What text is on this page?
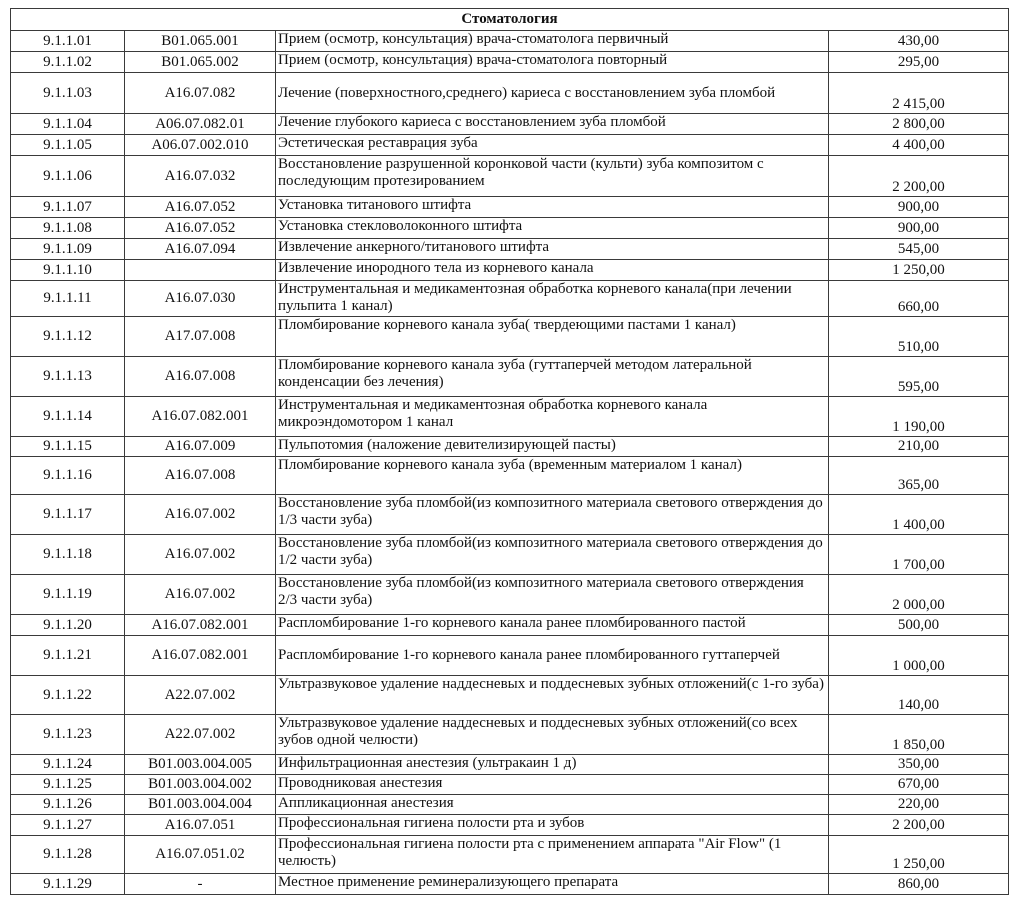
Стоматология			
9.1.1.01	B01.065.001	Прием (осмотр, консультация) врача-стоматолога первичный	430,00
9.1.1.02	B01.065.002	Прием (осмотр, консультация) врача-стоматолога повторный	295,00
9.1.1.03	A16.07.082	Лечение (поверхностного,среднего) кариеса с восстановлением зуба пломбой	2 415,00
9.1.1.04	A06.07.082.01	Лечение глубокого кариеса с восстановлением зуба пломбой	2 800,00
9.1.1.05	A06.07.002.010	Эстетическая реставрация зуба	4 400,00
9.1.1.06	A16.07.032	Восстановление разрушенной коронковой части (культи) зуба композитом с последующим протезированием	2 200,00
9.1.1.07	A16.07.052	Установка титанового штифта	900,00
9.1.1.08	A16.07.052	Установка стекловолоконного штифта	900,00
9.1.1.09	A16.07.094	Извлечение анкерного/титанового штифта	545,00
9.1.1.10		Извлечение инородного тела из корневого канала	1 250,00
9.1.1.11	A16.07.030	Инструментальная и медикаментозная обработка корневого канала(при лечении пульпита 1 канал)	660,00
9.1.1.12	A17.07.008	Пломбирование корневого канала зуба( твердеющими пастами 1 канал)	510,00
9.1.1.13	A16.07.008	Пломбирование корневого канала зуба (гуттаперчей методом латеральной конденсации без лечения)	595,00
9.1.1.14	A16.07.082.001	Инструментальная и медикаментозная обработка корневого канала микроэндомотором 1 канал	1 190,00
9.1.1.15	A16.07.009	Пульпотомия (наложение девителизирующей пасты)	210,00
9.1.1.16	A16.07.008	Пломбирование корневого канала зуба (временным материалом 1 канал)	365,00
9.1.1.17	A16.07.002	Восстановление зуба пломбой(из композитного материала светового отверждения до 1/3 части зуба)	1 400,00
9.1.1.18	A16.07.002	Восстановление зуба пломбой(из композитного материала светового отверждения до 1/2 части зуба)	1 700,00
9.1.1.19	A16.07.002	Восстановление зуба пломбой(из композитного материала светового отверждения 2/3 части зуба)	2 000,00
9.1.1.20	A16.07.082.001	Распломбирование 1-го корневого канала ранее пломбированного пастой	500,00
9.1.1.21	A16.07.082.001	Распломбирование 1-го корневого канала ранее пломбированного гуттаперчей	1 000,00
9.1.1.22	A22.07.002	Ультразвуковое удаление наддесневых и поддесневых зубных отложений(с 1-го зуба)	140,00
9.1.1.23	A22.07.002	Ультразвуковое удаление наддесневых и поддесневых зубных отложений(со всех зубов одной челюсти)	1 850,00
9.1.1.24	B01.003.004.005	Инфильтрационная анестезия (ультракаин 1 д)	350,00
9.1.1.25	B01.003.004.002	Проводниковая анестезия	670,00
9.1.1.26	B01.003.004.004	Аппликационная анестезия	220,00
9.1.1.27	A16.07.051	Профессиональная гигиена полости рта и зубов	2 200,00
9.1.1.28	A16.07.051.02	Профессиональная гигиена полости рта с применением аппарата "Air Flow" (1 челюсть)	1 250,00
9.1.1.29	-	Местное применение реминерализующего препарата	860,00
